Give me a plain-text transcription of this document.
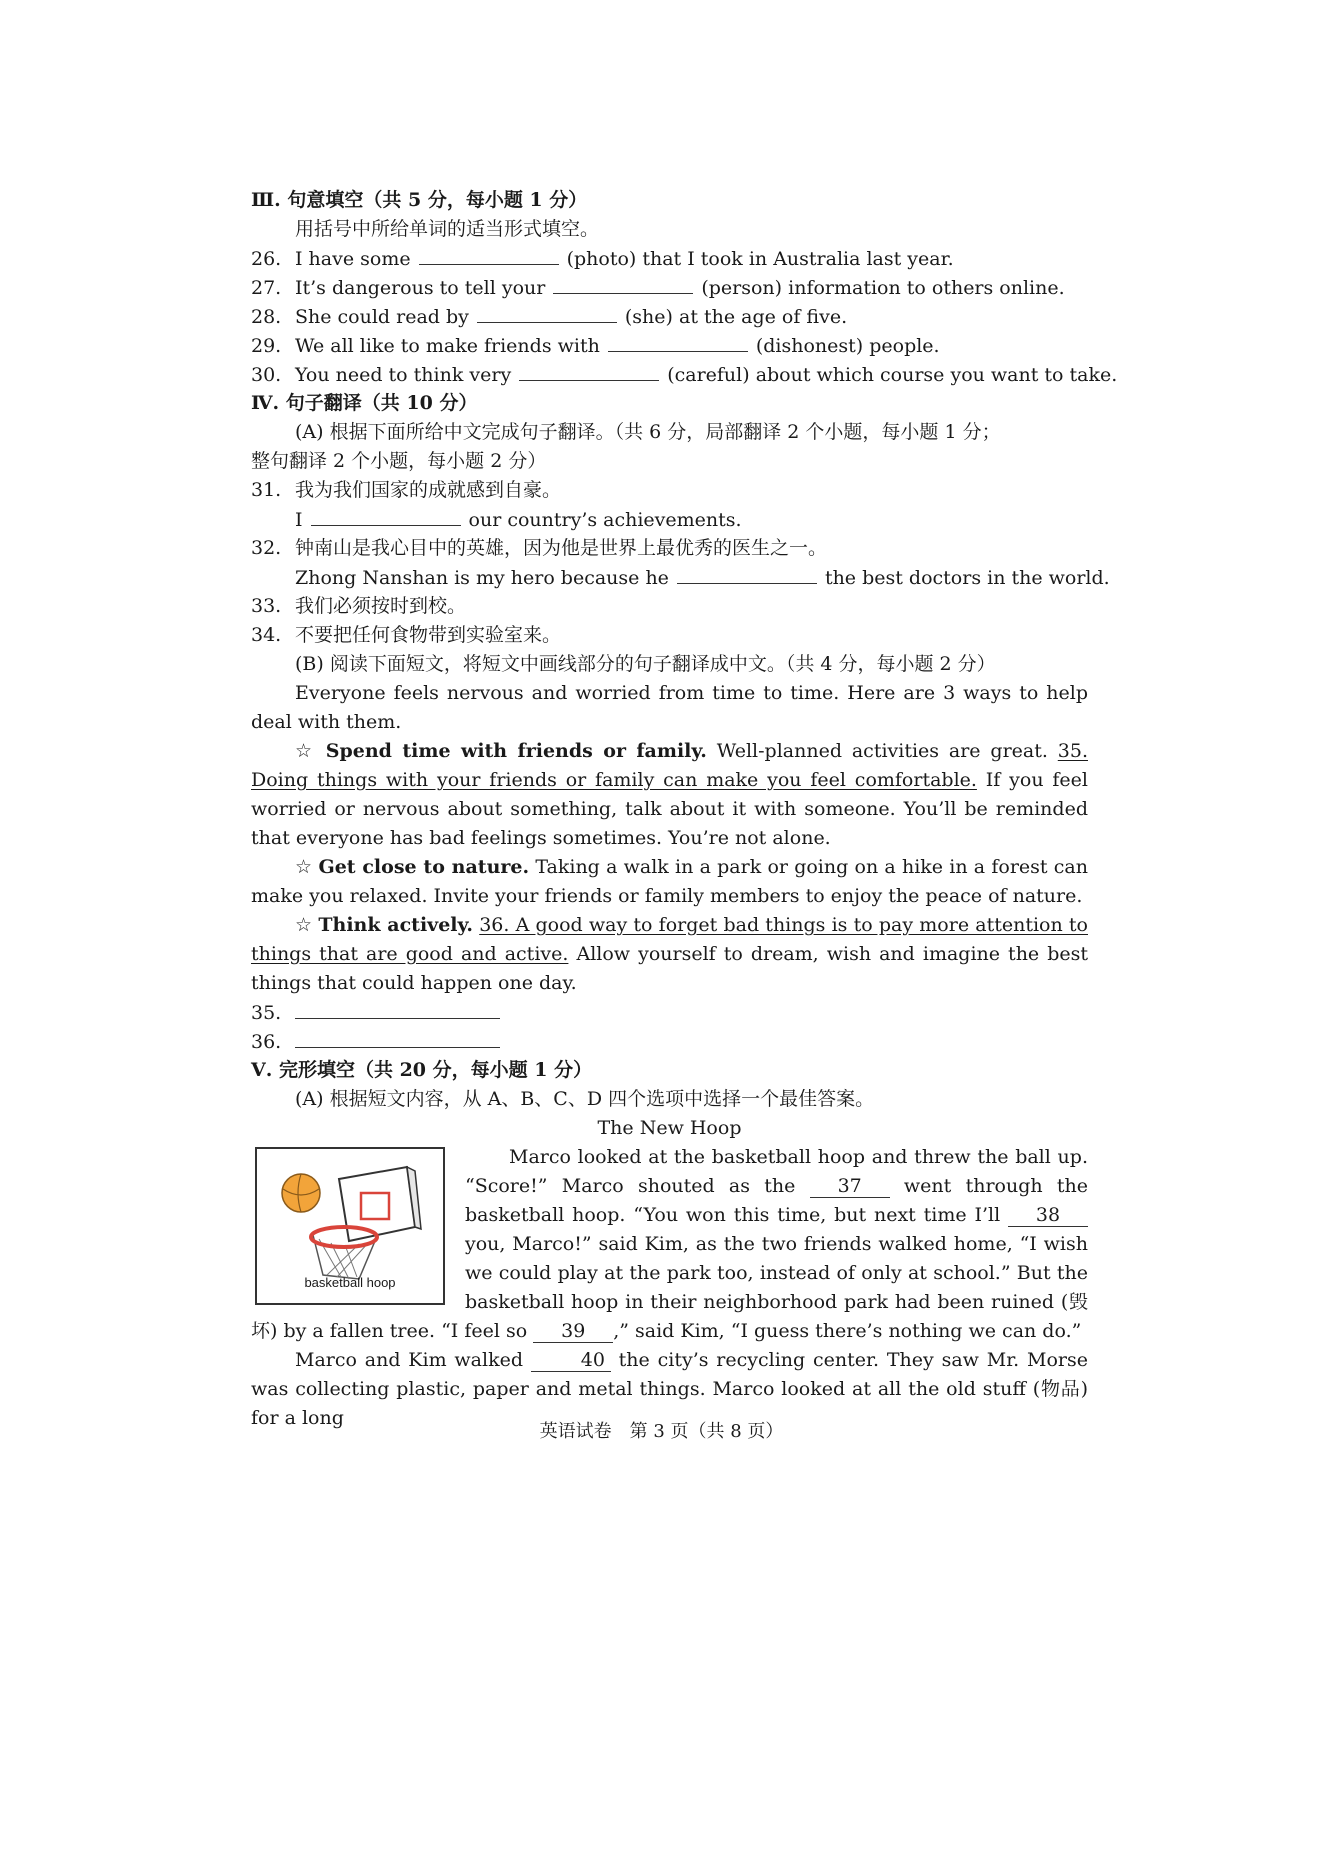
Ⅲ. 句意填空（共 5 分，每小题 1 分）
用括号中所给单词的适当形式填空。
26. I have some	(photo) that I took in Australia last year.
27. It’s dangerous to tell your	(person) information to others online.
28. She could read by	(she) at the age of five.
29. We all like to make friends with	(dishonest) people.
30. You need to think very	(careful) about which course you want to take.
Ⅳ. 句子翻译（共 10 分）
(A) 根据下面所给中文完成句子翻译。（共 6 分，局部翻译 2 个小题，每小题 1 分；
整句翻译 2 个小题，每小题 2 分）
31. 我为我们国家的成就感到自豪。
I	our country’s achievements.
32. 钟南山是我心目中的英雄，因为他是世界上最优秀的医生之一。
Zhong Nanshan is my hero because he	the best doctors in the world.
33. 我们必须按时到校。
34. 不要把任何食物带到实验室来。
(B) 阅读下面短文，将短文中画线部分的句子翻译成中文。（共 4 分，每小题 2 分）
Everyone feels nervous and worried from time to time. Here are 3 ways to help deal with them.
☆ Spend time with friends or family. Well-planned activities are great. 35. Doing things with your friends or family can make you feel comfortable. If you feel worried or nervous about something, talk about it with someone. You’ll be reminded that everyone has bad feelings sometimes. You’re not alone.
☆ Get close to nature. Taking a walk in a park or going on a hike in a forest can make you relaxed. Invite your friends or family members to enjoy the peace of nature.
☆ Think actively. 36. A good way to forget bad things is to pay more attention to things that are good and active. Allow yourself to dream, wish and imagine the best things that could happen one day.
35.
36.
Ⅴ. 完形填空（共 20 分，每小题 1 分）
(A) 根据短文内容，从 A、B、C、D 四个选项中选择一个最佳答案。
The New Hoop
basketball hoop
Marco looked at the basketball hoop and threw the ball up. “Score!” Marco shouted as the 37 went through the basketball hoop. “You won this time, but next time I’ll 38 you, Marco!” said Kim, as the two friends walked home, “I wish we could play at the park too, instead of only at school.” But the basketball hoop in their neighborhood park had been ruined (毁坏) by a fallen tree. “I feel so 39 ,” said Kim, “I guess there’s nothing we can do.”
Marco and Kim walked	40 the city’s recycling center. They saw Mr. Morse was collecting plastic, paper and metal things. Marco looked at all the old stuff (物品) for a long
英语试卷　第 3 页（共 8 页）
